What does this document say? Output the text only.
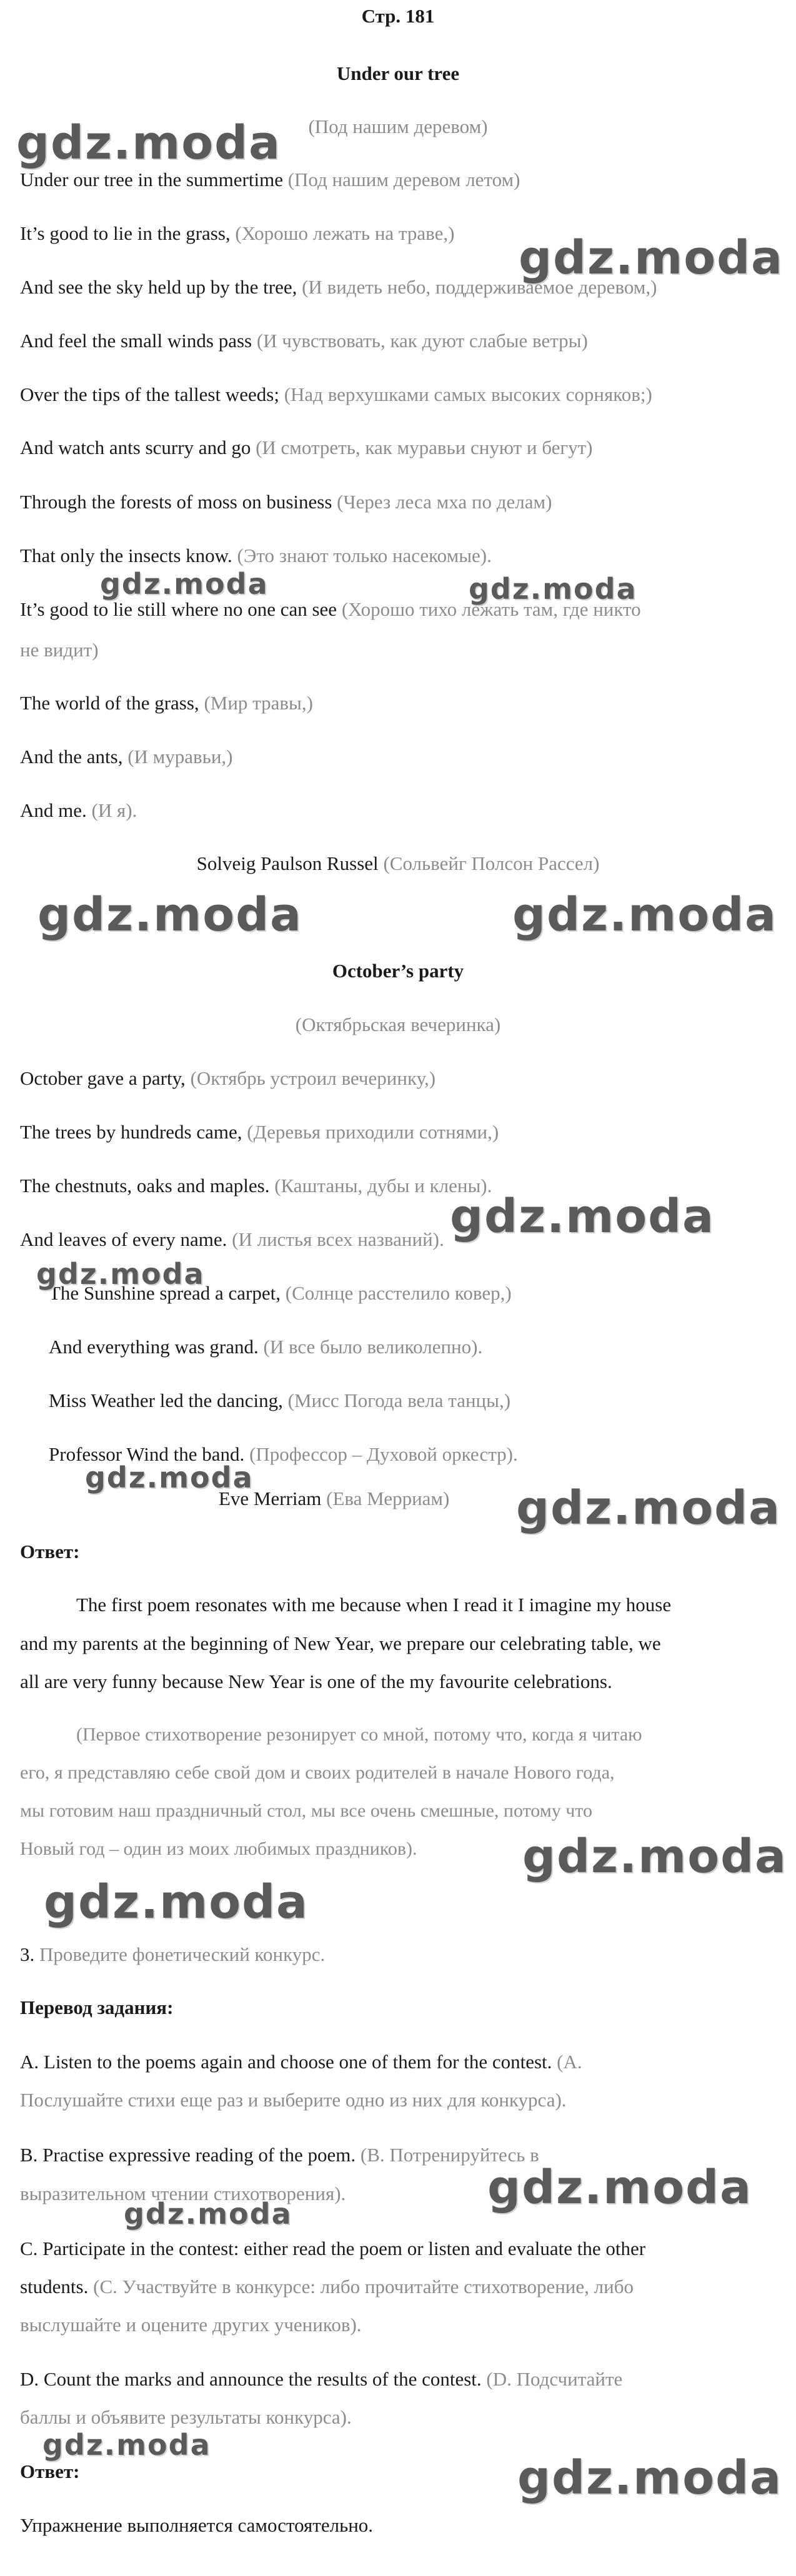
Стр. 181
Under our tree
(Под нашим деревом)
Under our tree in the summertime (Под нашим деревом летом)
It’s good to lie in the grass, (Хорошо лежать на траве,)
And see the sky held up by the tree, (И видеть небо, поддерживаемое деревом,)
And feel the small winds pass (И чувствовать, как дуют слабые ветры)
Over the tips of the tallest weeds; (Над верхушками самых высоких сорняков;)
And watch ants scurry and go (И смотреть, как муравьи снуют и бегут)
Through the forests of moss on business (Через леса мха по делам)
That only the insects know. (Это знают только насекомые).
It’s good to lie still where no one can see (Хорошо тихо лежать там, где никто
не видит)
The world of the grass, (Мир травы,)
And the ants, (И муравьи,)
And me. (И я).
Solveig Paulson Russel (Сольвейг Полсон Рассел)
October’s party
(Октябрьская вечеринка)
October gave a party, (Октябрь устроил вечеринку,)
The trees by hundreds came, (Деревья приходили сотнями,)
The chestnuts, oaks and maples. (Каштаны, дубы и клены).
And leaves of every name. (И листья всех названий).
The Sunshine spread a carpet, (Солнце расстелило ковер,)
And everything was grand. (И все было великолепно).
Miss Weather led the dancing, (Мисс Погода вела танцы,)
Professor Wind the band. (Профессор – Духовой оркестр).
Eve Merriam (Ева Мерриам)
Ответ:
The first poem resonates with me because when I read it I imagine my house
and my parents at the beginning of New Year, we prepare our celebrating table, we
all are very funny because New Year is one of the my favourite celebrations.
(Первое стихотворение резонирует со мной, потому что, когда я читаю
его, я представляю себе свой дом и своих родителей в начале Нового года,
мы готовим наш праздничный стол, мы все очень смешные, потому что
Новый год – один из моих любимых праздников).
3. Проведите фонетический конкурс.
Перевод задания:
A. Listen to the poems again and choose one of them for the contest. (А.
Послушайте стихи еще раз и выберите одно из них для конкурса).
B. Practise expressive reading of the poem. (В. Потренируйтесь в
выразительном чтении стихотворения).
C. Participate in the contest: either read the poem or listen and evaluate the other
students. (С. Участвуйте в конкурсе: либо прочитайте стихотворение, либо
выслушайте и оцените других учеников).
D. Count the marks and announce the results of the contest. (D. Подсчитайте
баллы и объявите результаты конкурса).
Ответ:
Упражнение выполняется самостоятельно.
gdz.moda
gdz.moda
gdz.moda	gdz.moda
gdz.moda	gdz.moda
gdz.moda
gdz.moda
gdz.moda
gdz.moda
gdz.moda
gdz.moda
gdz.moda
gdz.moda
gdz.moda
gdz.moda
